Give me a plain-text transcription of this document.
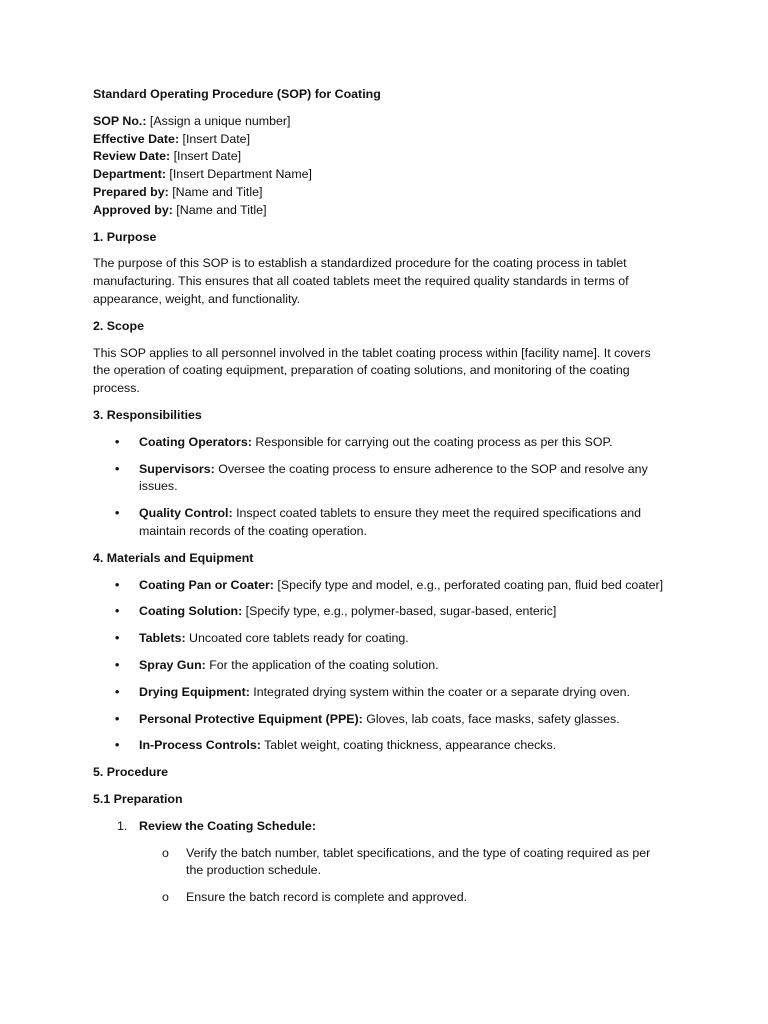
Standard Operating Procedure (SOP) for Coating
SOP No.: [Assign a unique number]
Effective Date: [Insert Date]
Review Date: [Insert Date]
Department: [Insert Department Name]
Prepared by: [Name and Title]
Approved by: [Name and Title]
1. Purpose
The purpose of this SOP is to establish a standardized procedure for the coating process in tablet manufacturing. This ensures that all coated tablets meet the required quality standards in terms of appearance, weight, and functionality.
2. Scope
This SOP applies to all personnel involved in the tablet coating process within [facility name]. It covers the operation of coating equipment, preparation of coating solutions, and monitoring of the coating process.
3. Responsibilities
• Coating Operators: Responsible for carrying out the coating process as per this SOP.
• Supervisors: Oversee the coating process to ensure adherence to the SOP and resolve any issues.
• Quality Control: Inspect coated tablets to ensure they meet the required specifications and maintain records of the coating operation.
4. Materials and Equipment
• Coating Pan or Coater: [Specify type and model, e.g., perforated coating pan, fluid bed coater]
• Coating Solution: [Specify type, e.g., polymer-based, sugar-based, enteric]
• Tablets: Uncoated core tablets ready for coating.
• Spray Gun: For the application of the coating solution.
• Drying Equipment: Integrated drying system within the coater or a separate drying oven.
• Personal Protective Equipment (PPE): Gloves, lab coats, face masks, safety glasses.
• In-Process Controls: Tablet weight, coating thickness, appearance checks.
5. Procedure
5.1 Preparation
1. Review the Coating Schedule:
o Verify the batch number, tablet specifications, and the type of coating required as per the production schedule.
o Ensure the batch record is complete and approved.
